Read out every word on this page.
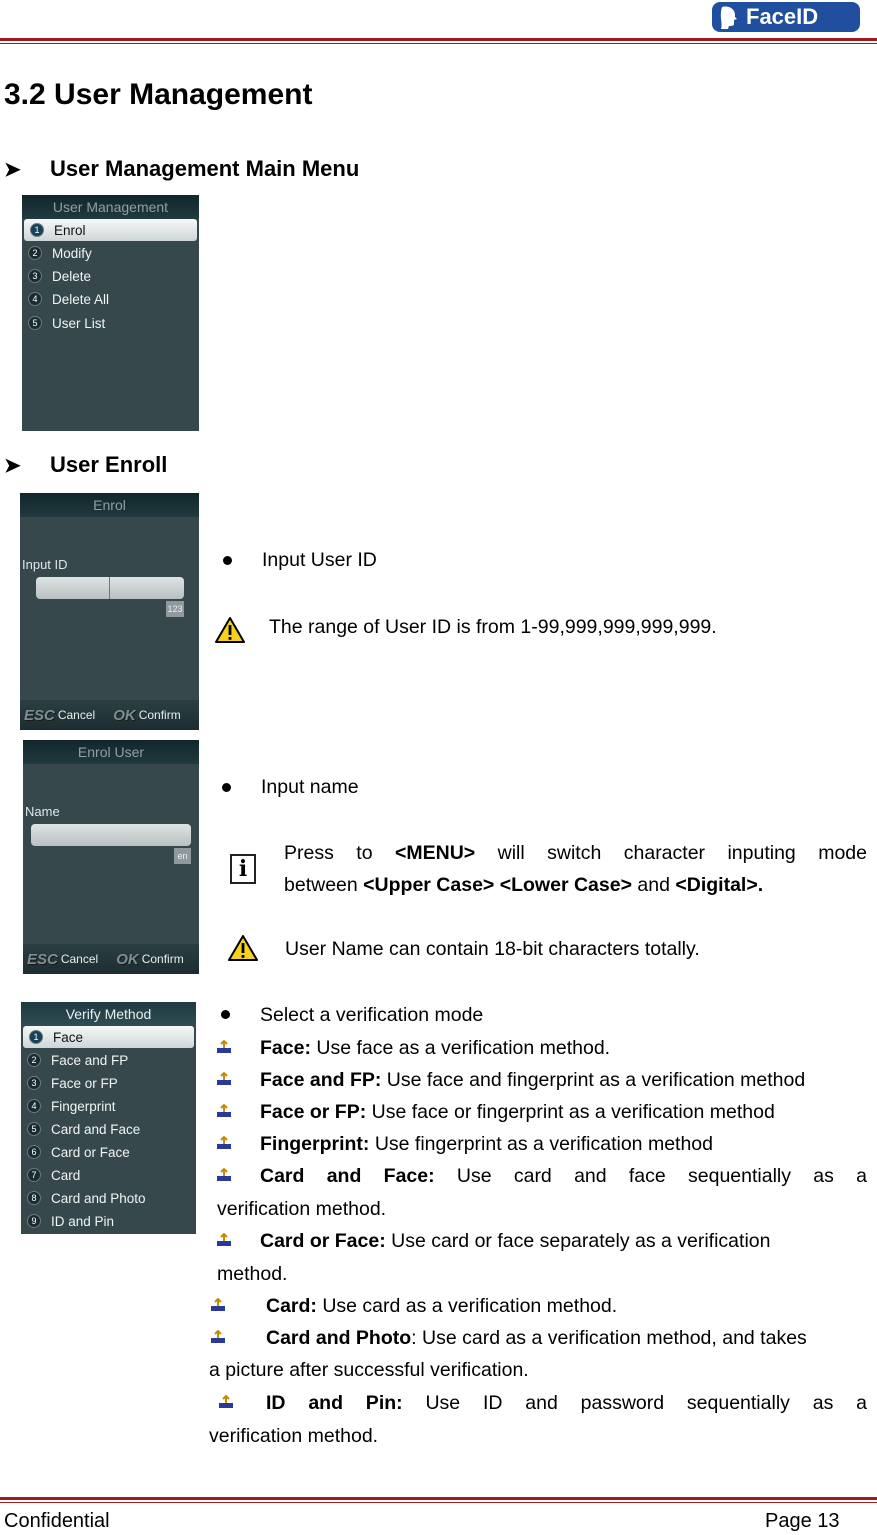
FaceID
3.2 User Management
➤	User Management Main Menu
User Management
1	Enrol
2	Modify
3	Delete
4	Delete All
5	User List
➤	User Enroll
Enrol
Input ID
123
ESC Cancel OK Confirm
Input User ID
The range of User ID is from 1-99,999,999,999,999.
Enrol User
Name
en
ESC Cancel OK Confirm
Input name
i
Press to <MENU> will switch character inputing mode
between <Upper Case> <Lower Case> and <Digital>.
User Name can contain 18-bit characters totally.
Verify Method
1	Face
2	Face and FP
3	Face or FP
4	Fingerprint
5	Card and Face
6	Card or Face
7	Card
8	Card and Photo
9	ID and Pin
Select a verification mode
Face: Use face as a verification method.
Face and FP: Use face and fingerprint as a verification method
Face or FP: Use face or fingerprint as a verification method
Fingerprint: Use fingerprint as a verification method
Card and Face: Use card and face sequentially as a
verification method.
Card or Face: Use card or face separately as a verification
method.
Card: Use card as a verification method.
Card and Photo: Use card as a verification method, and takes
a picture after successful verification.
ID and Pin: Use ID and password sequentially as a
verification method.
Confidential	Page 13
